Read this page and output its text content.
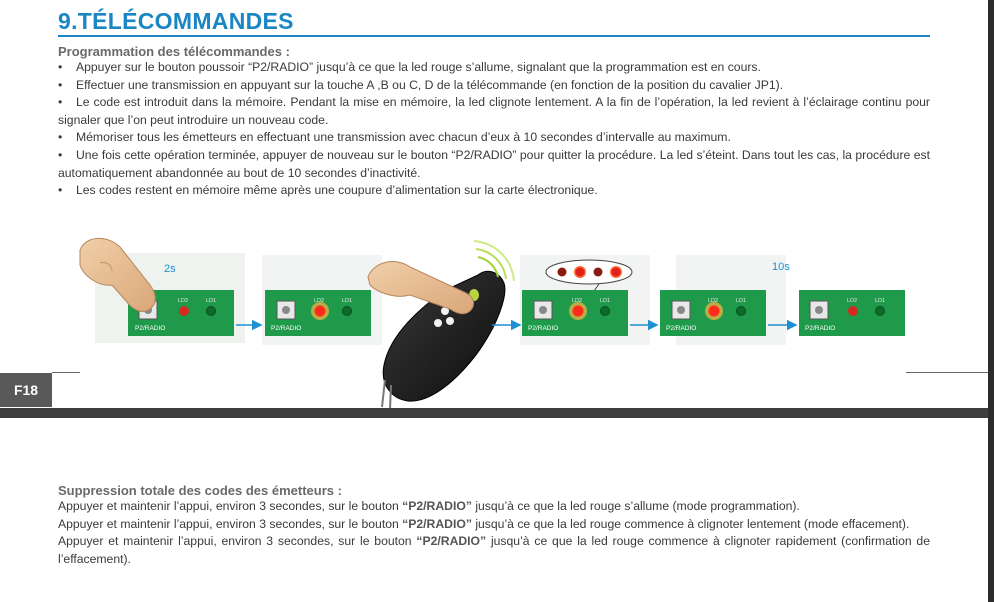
9.TÉLÉCOMMANDES

Programmation des télécommandes :

• Appuyer sur le bouton poussoir “P2/RADIO” jusqu’à ce que la led rouge s’allume, signalant que la programmation est en cours.

• Effectuer une transmission en appuyant sur la touche A ,B ou C, D de la télécommande (en fonction de la position du cavalier JP1).

• Le code est introduit dans la mémoire. Pendant la mise en mémoire, la led clignote lentement. A la fin de l’opération, la led revient à l’éclairage continu pour signaler que l’on peut introduire un nouveau code.

• Mémoriser tous les émetteurs en effectuant une transmission avec chacun d’eux à 10 secondes d’intervalle au maximum.

• Une fois cette opération terminée, appuyer de nouveau sur le bouton “P2/RADIO” pour quitter la procédure. La led s’éteint. Dans tout les cas, la procédure est automatiquement abandonnée au bout de 10 secondes d’inactivité.

• Les codes restent en mémoire même après une coupure d’alimentation sur la carte électronique.

P2/RADIO
LD2	LD1
2s
P2/RADIO
LD2	LD1
P2/RADIO
LD2	LD1
P2/RADIO
LD2	LD1
10s
P2/RADIO
LD2	LD1
F18

Suppression totale des codes des émetteurs :

Appuyer et maintenir l’appui, environ 3 secondes, sur le bouton “P2/RADIO” jusqu’à ce que la led rouge s’allume (mode programmation).

Appuyer et maintenir l’appui, environ 3 secondes, sur le bouton “P2/RADIO” jusqu’à ce que la led rouge commence à clignoter lentement (mode effacement).

Appuyer et maintenir l’appui, environ 3 secondes, sur le bouton “P2/RADIO” jusqu’à ce que la led rouge commence à clignoter rapidement (confirmation de l’effacement).
